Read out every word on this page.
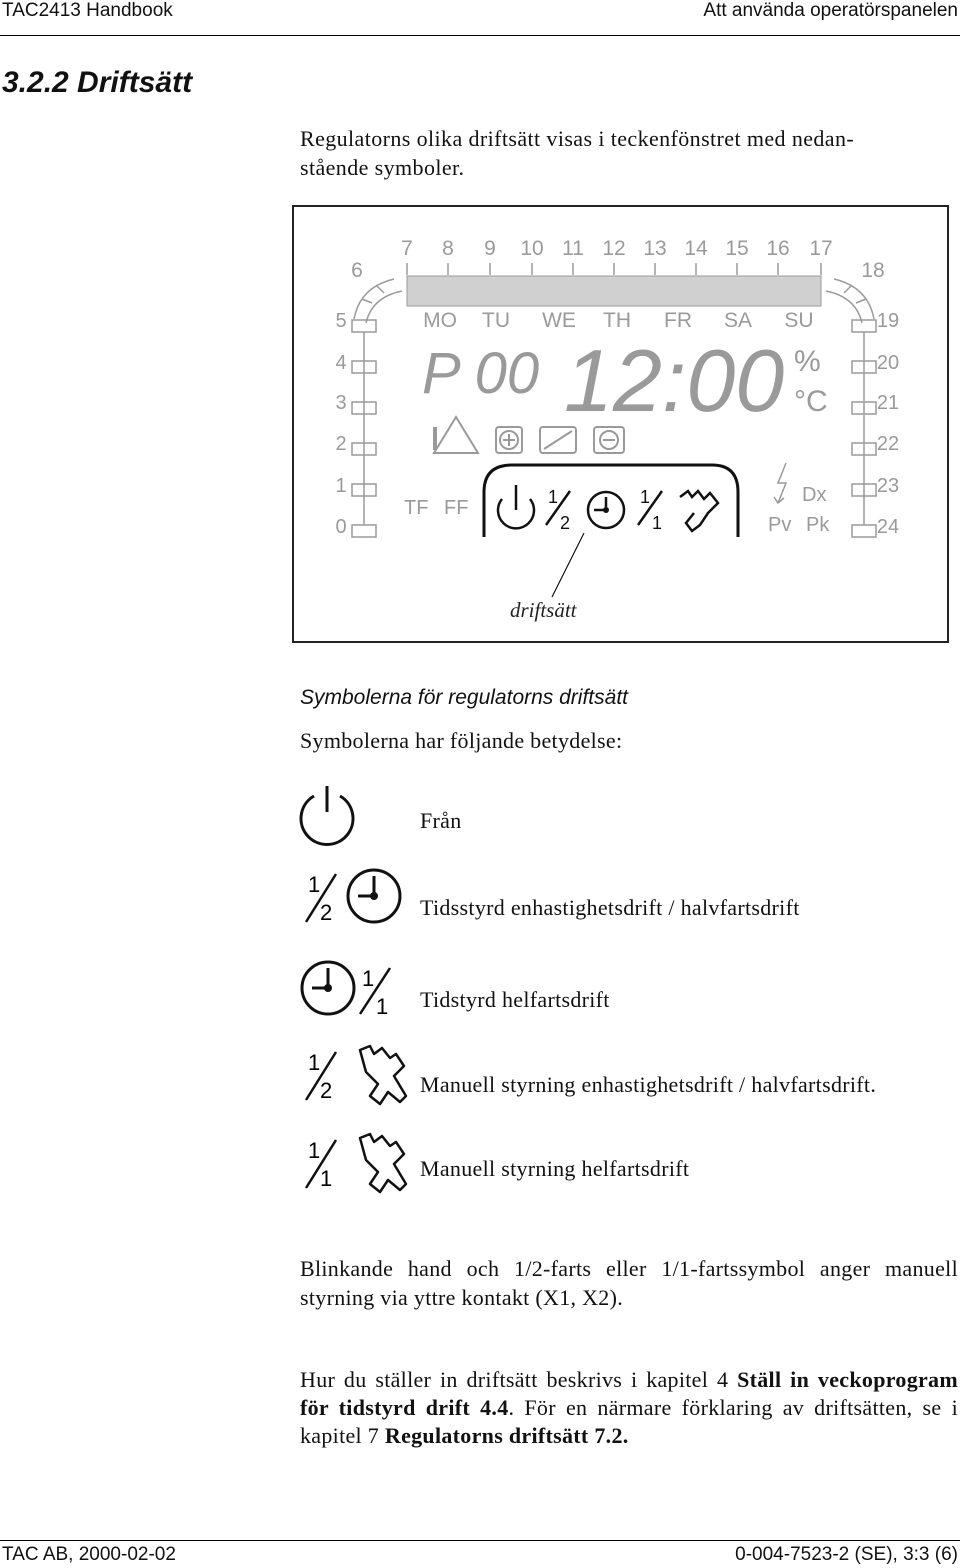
TAC2413 Handbook	Att använda operatörspanelen
3.2.2 Driftsätt
Regulatorns olika driftsätt visas i teckenfönstret med nedan-stående symboler.
7 8 9 10 11 12 13 14 15 16 17
6	18
5
4
3
2
1
0
19
20
21
22
23
24
MO TU WE TH FR SA SU
P 00 12:00 %
°C
TF FF	1
2
1
1
Dx
Pv Pk
driftsätt
Symbolerna för regulatorns driftsätt
Symbolerna har följande betydelse:
Från
1
2	Tidsstyrd enhastighetsdrift / halvfartsdrift
1
1 Tidstyrd helfartsdrift
1
2	Manuell styrning enhastighetsdrift / halvfartsdrift.
1
1	Manuell styrning helfartsdrift
Blinkande hand och 1/2-farts eller 1/1-fartssymbol anger manuell styrning via yttre kontakt (X1, X2).
Hur du ställer in driftsätt beskrivs i kapitel 4 Ställ in veckoprogram för tidstyrd drift 4.4. För en närmare förklaring av driftsätten, se i kapitel 7 Regulatorns driftsätt 7.2.
TAC AB, 2000-02-02	0-004-7523-2 (SE), 3:3 (6)
